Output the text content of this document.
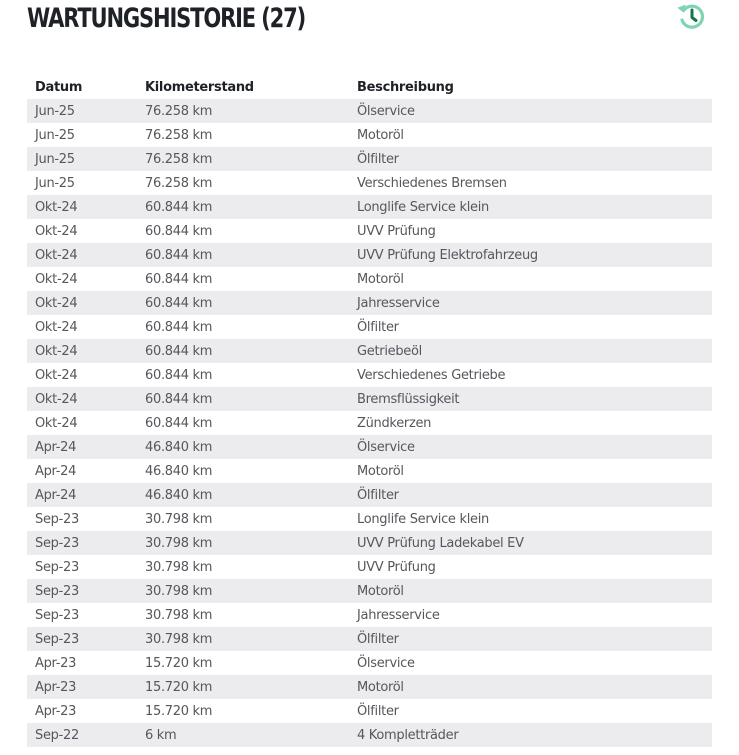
WARTUNGSHISTORIE (27)
Datum	Kilometerstand	Beschreibung
Jun-25	76.258 km	Ölservice
Jun-25	76.258 km	Motoröl
Jun-25	76.258 km	Ölfilter
Jun-25	76.258 km	Verschiedenes Bremsen
Okt-24	60.844 km	Longlife Service klein
Okt-24	60.844 km	UVV Prüfung
Okt-24	60.844 km	UVV Prüfung Elektrofahrzeug
Okt-24	60.844 km	Motoröl
Okt-24	60.844 km	Jahresservice
Okt-24	60.844 km	Ölfilter
Okt-24	60.844 km	Getriebeöl
Okt-24	60.844 km	Verschiedenes Getriebe
Okt-24	60.844 km	Bremsflüssigkeit
Okt-24	60.844 km	Zündkerzen
Apr-24	46.840 km	Ölservice
Apr-24	46.840 km	Motoröl
Apr-24	46.840 km	Ölfilter
Sep-23	30.798 km	Longlife Service klein
Sep-23	30.798 km	UVV Prüfung Ladekabel EV
Sep-23	30.798 km	UVV Prüfung
Sep-23	30.798 km	Motoröl
Sep-23	30.798 km	Jahresservice
Sep-23	30.798 km	Ölfilter
Apr-23	15.720 km	Ölservice
Apr-23	15.720 km	Motoröl
Apr-23	15.720 km	Ölfilter
Sep-22	6 km	4 Kompletträder
